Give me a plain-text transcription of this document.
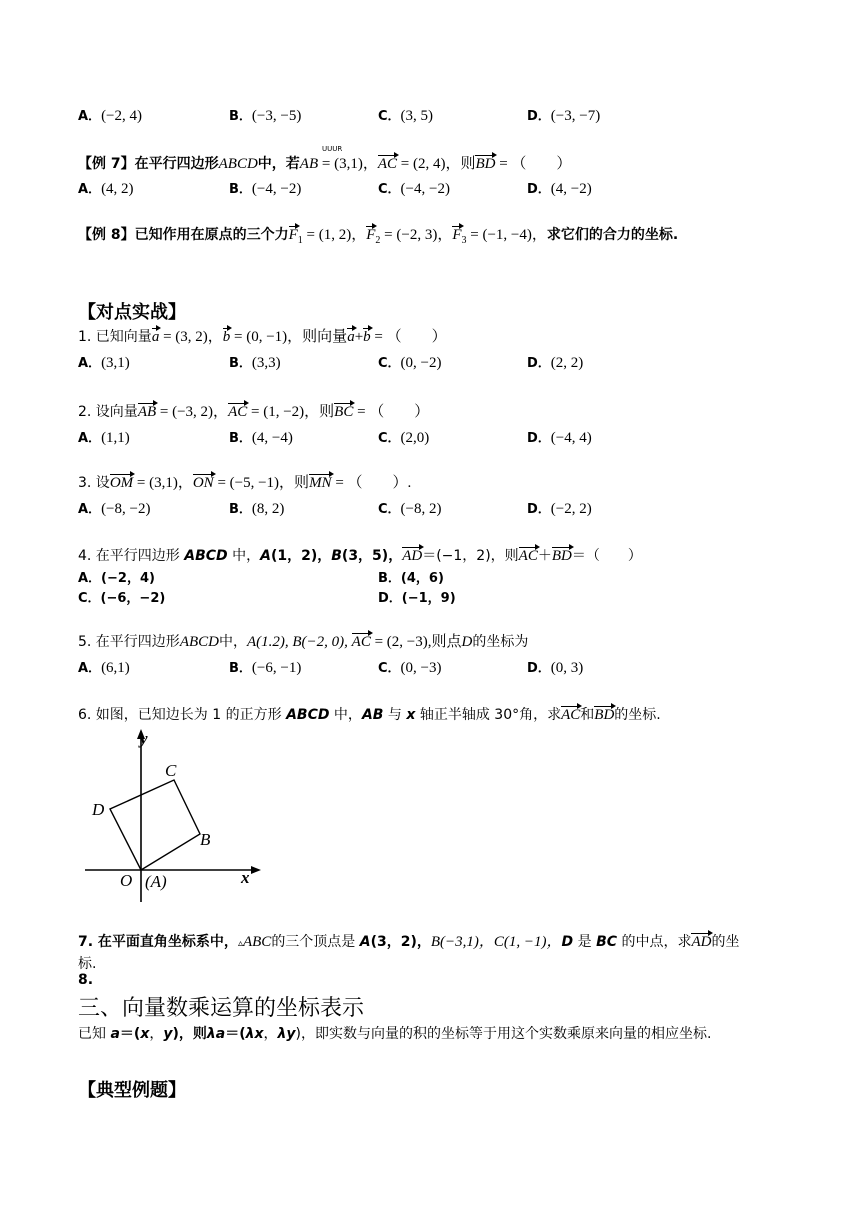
A．(−2, 4)	B．(−3, −5)	C．(3, 5)	D．(−3, −7)
UUUR
【例 7】在平行四边形ABCD中，若AB = (3,1)，AC = (2, 4)，则BD = （　　）
A．(4, 2)	B．(−4, −2)	C．(−4, −2)	D．(4, −2)
【例 8】已知作用在原点的三个力$F_1 = (1$, 2)，$F_2 = (-2$, 3)，$F_3 = (-1$, −4)，求它们的合力的坐标.
【对点实战】
1. 已知向量a = (3, 2)，b = (0, −1)，则向量a+b = （　　）
A．(3,1)	B．(3,3)	C．(0, −2)	D．(2, 2)
2. 设向量AB = (−3, 2)，AC = (1, −2)，则BC = （　　）
A．(1,1)	B．(4, −4)	C．(2,0)	D．(−4, 4)
3. 设OM = (3,1)，ON = (−5, −1)，则MN = （　　）.
A．(−8, −2)	B．(8, 2)	C．(−8, 2)	D．(−2, 2)
4. 在平行四边形 ABCD 中，A(1，2)，B(3，5)，AD＝(−1，2)，则AC＋BD＝（　　）
A．(−2，4)	B．(4，6)
C．(−6，−2)	D．(−1，9)
5. 在平行四边形ABCD中，A(1.2), B(−2, 0), AC = (2, −3),则点D的坐标为
A．(6,1)	B．(−6, −1)	C．(0, −3)	D．(0, 3)
6. 如图，已知边长为 1 的正方形 ABCD 中，AB 与 x 轴正半轴成 30°角，求AC和BD的坐标.
y
x
C
D
B
O (A)
7. 在平面直角坐标系中，▵ABC的三个顶点是 A(3，2)，B(−3,1)，C(1, −1)，D 是 BC 的中点，求AD的坐
标.
8.
三、向量数乘运算的坐标表示
已知 a＝(x，y)，则λa＝(λx，λy)，即实数与向量的积的坐标等于用这个实数乘原来向量的相应坐标.
【典型例题】
